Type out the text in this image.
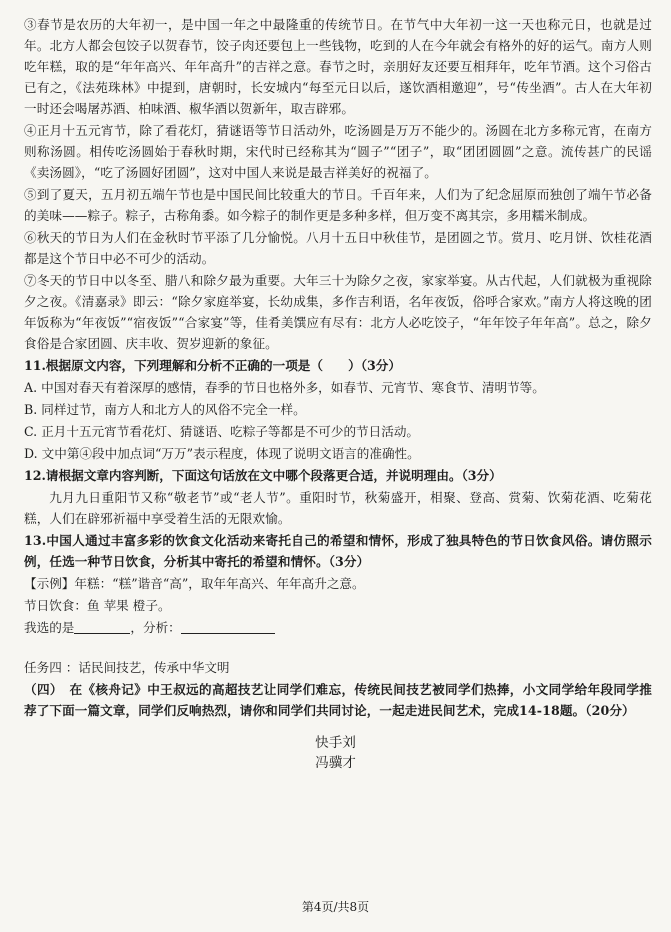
③春节是农历的大年初一，是中国一年之中最隆重的传统节日。在节气中大年初一这一天也称元日，也就是过年。北方人都会包饺子以贺春节，饺子肉还要包上一些钱物，吃到的人在今年就会有格外的好的运气。南方人则吃年糕，取的是“年年高兴、年年高升”的吉祥之意。春节之时，亲朋好友还要互相拜年，吃年节酒。这个习俗古已有之，《法苑珠林》中提到，唐朝时，长安城内“每至元日以后，遂饮酒相邀迎”，号“传坐酒”。古人在大年初一时还会喝屠苏酒、柏味酒、椒华酒以贺新年，取吉辟邪。

④正月十五元宵节，除了看花灯，猜谜语等节日活动外，吃汤圆是万万不能少的。汤圆在北方多称元宵，在南方则称汤圆。相传吃汤圆始于春秋时期，宋代时已经称其为“圆子”“团子”，取“团团圆圆”之意。流传甚广的民谣《卖汤圆》，“吃了汤圆好团圆”，这对中国人来说是最吉祥美好的祝福了。

⑤到了夏天，五月初五端午节也是中国民间比较重大的节日。千百年来，人们为了纪念屈原而独创了端午节必备的美味——粽子。粽子，古称角黍。如今粽子的制作更是多种多样，但万变不离其宗，多用糯米制成。

⑥秋天的节日为人们在金秋时节平添了几分愉悦。八月十五日中秋佳节，是团圆之节。赏月、吃月饼、饮桂花酒都是这个节日中必不可少的活动。

⑦冬天的节日中以冬至、腊八和除夕最为重要。大年三十为除夕之夜，家家举宴。从古代起，人们就极为重视除夕之夜。《清嘉录》即云：“除夕家庭举宴，长幼成集，多作吉利语，名年夜饭，俗呼合家欢。”南方人将这晚的团年饭称为“年夜饭”“宿夜饭”“合家宴”等，佳肴美馔应有尽有：北方人必吃饺子，“年年饺子年年高”。总之，除夕食俗是合家团圆、庆丰收、贺岁迎新的象征。

11.根据原文内容，下列理解和分析不正确的一项是（　　）（3分）
A. 中国对春天有着深厚的感情，春季的节日也格外多，如春节、元宵节、寒食节、清明节等。
B. 同样过节，南方人和北方人的风俗不完全一样。
C. 正月十五元宵节看花灯、猜谜语、吃粽子等都是不可少的节日活动。
D. 文中第④段中加点词“万万”表示程度，体现了说明文语言的准确性。
12.请根据文章内容判断，下面这句话放在文中哪个段落更合适，并说明理由。（3分）

九月九日重阳节又称“敬老节”或“老人节”。重阳时节，秋菊盛开，相聚、登高、赏菊、饮菊花酒、吃菊花糕，人们在辟邪祈福中享受着生活的无限欢愉。

13.中国人通过丰富多彩的饮食文化活动来寄托自己的希望和情怀，形成了独具特色的节日饮食风俗。请仿照示例，任选一种节日饮食，分析其中寄托的希望和情怀。（3分）

【示例】年糕：“糕”谐音“高”，取年年高兴、年年高升之意。
节日饮食：鱼 苹果 橙子。
我选的是	，分析：
任务四 ：话民间技艺，传承中华文明

（四）　在《核舟记》中王叔远的高超技艺让同学们难忘，传统民间技艺被同学们热捧，小文同学给年段同学推荐了下面一篇文章，同学们反响热烈，请你和同学们共同讨论，一起走进民间艺术，完成14-18题。（20分）

快手刘
冯骥才
第4页/共8页
